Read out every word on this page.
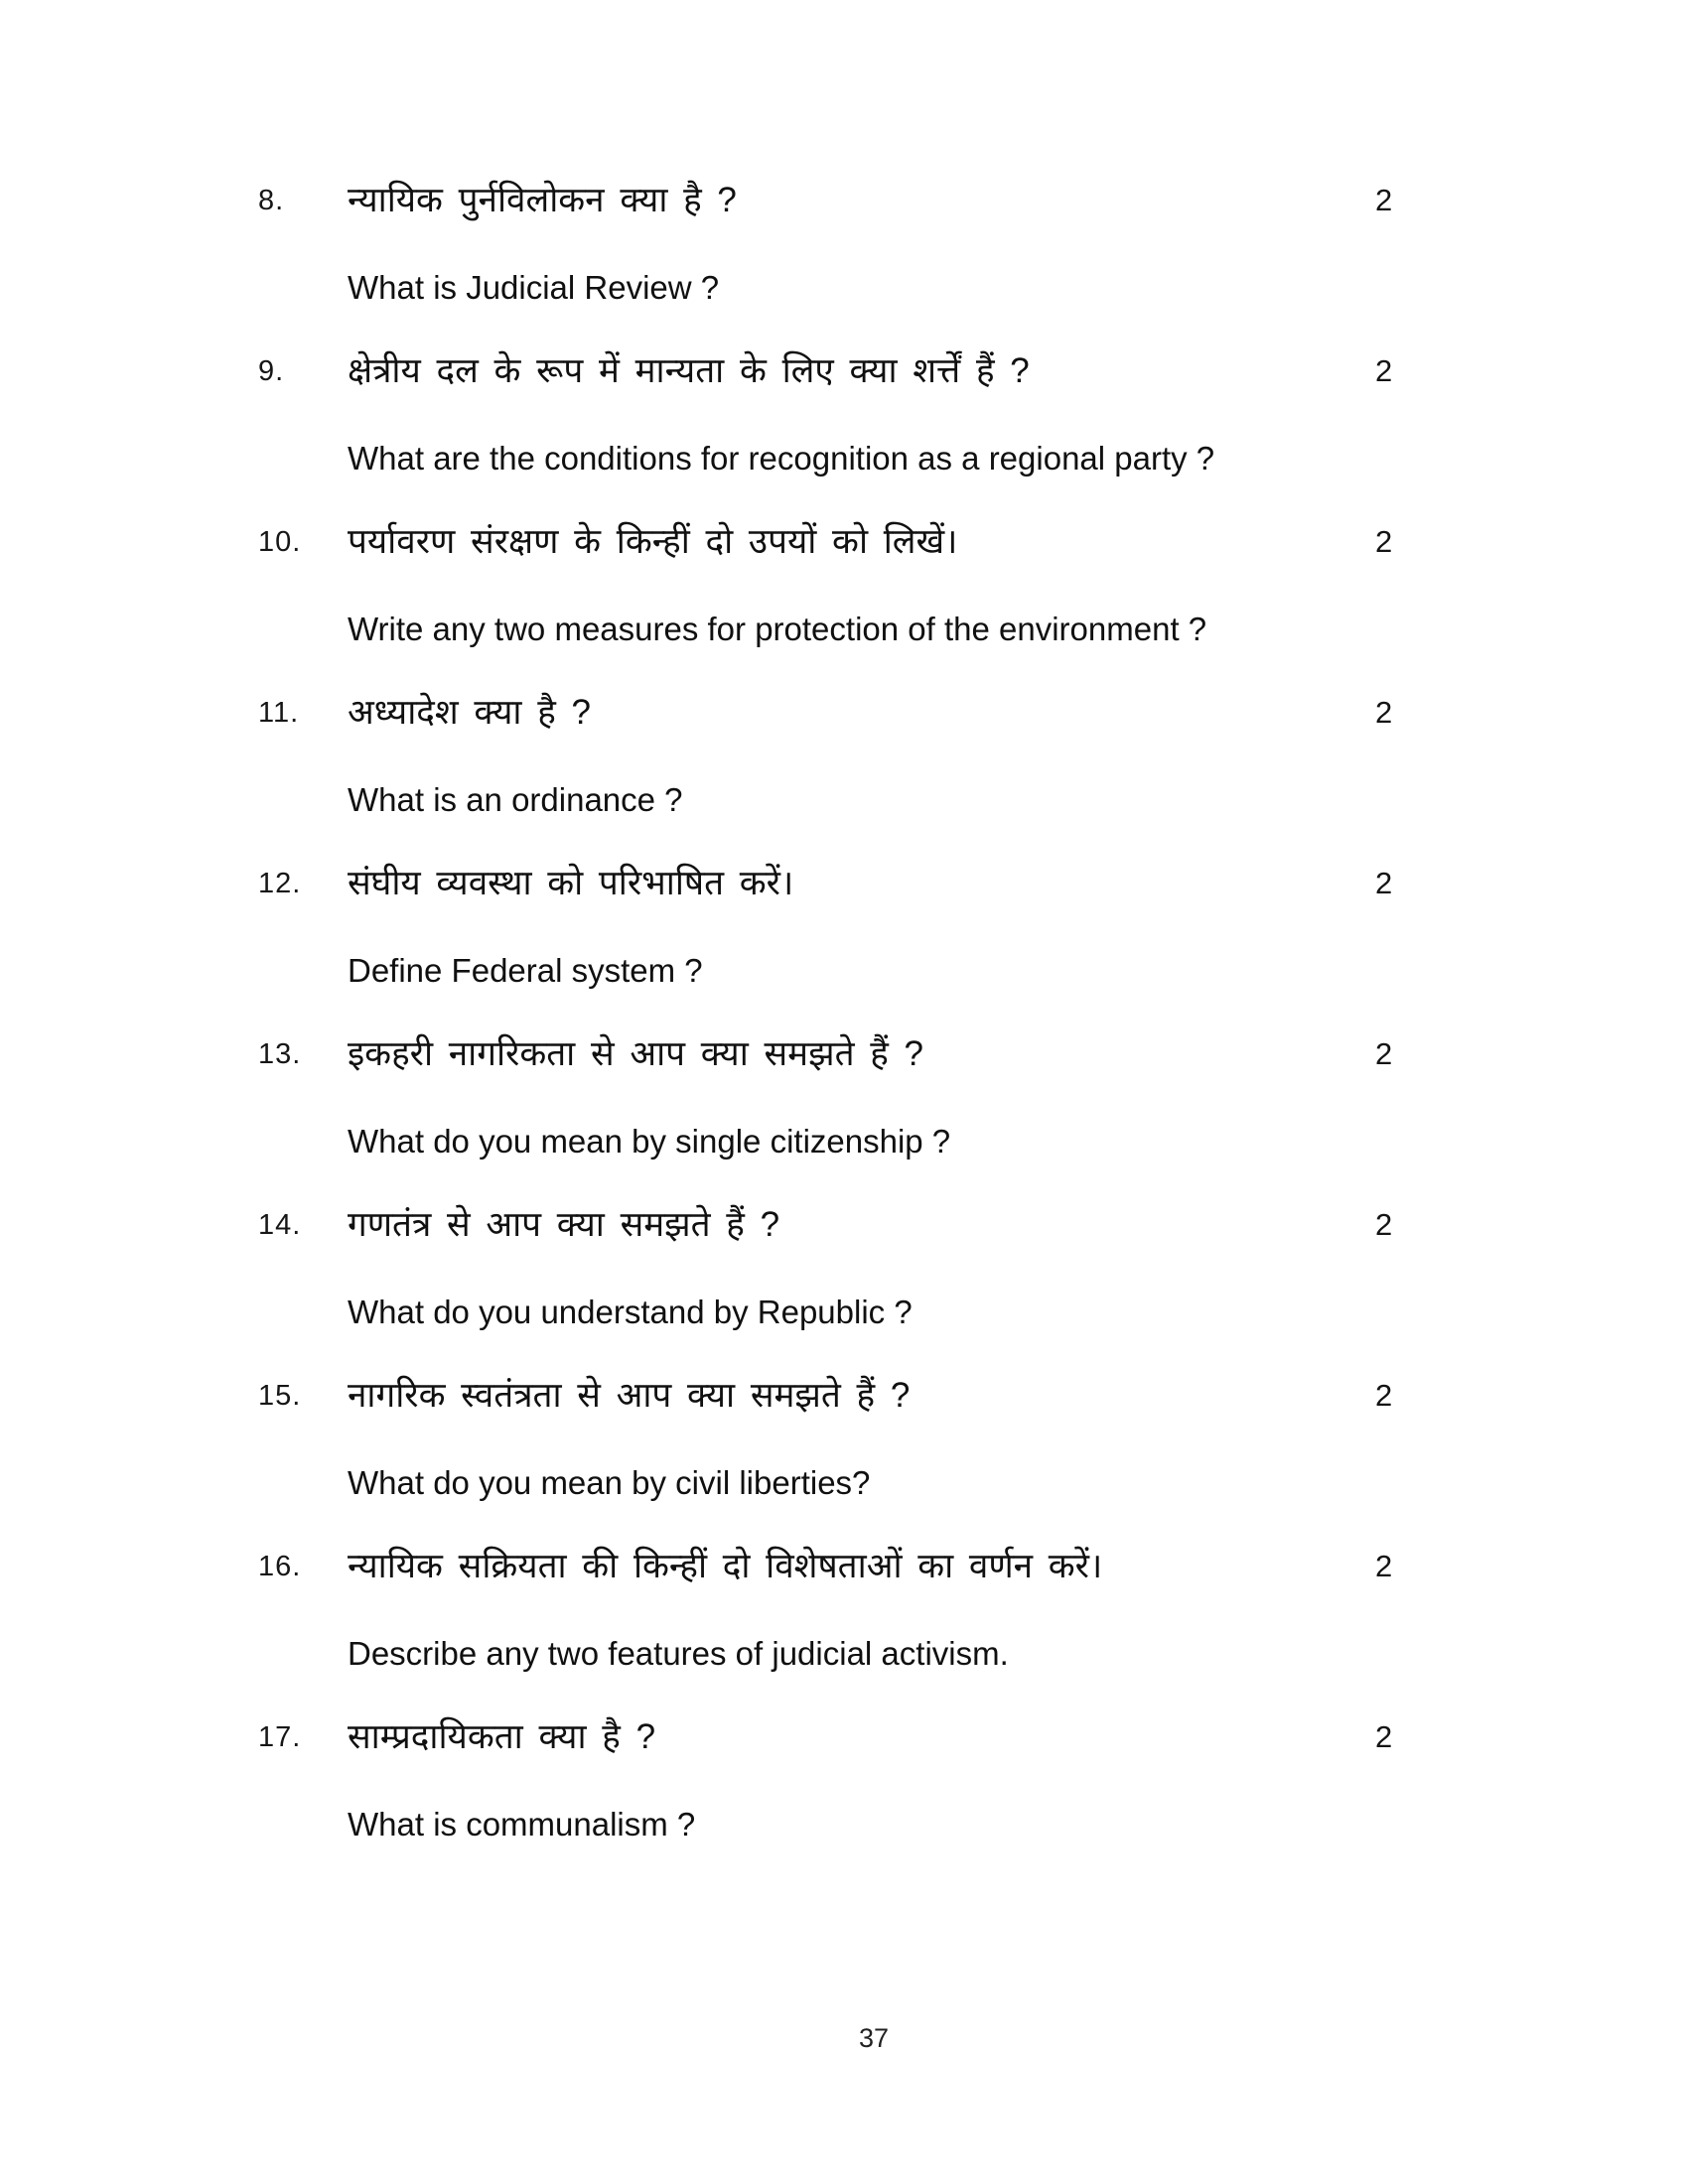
8.	न्यायिक पुर्नविलोकन क्या है ?	2
What is Judicial Review ?
9.	क्षेत्रीय दल के रूप में मान्यता के लिए क्या शर्त्तें हैं ?	2
What are the conditions for recognition as a regional party ?
10.	पर्यावरण संरक्षण के किन्हीं दो उपयों को लिखें।	2
Write any two measures for protection of the environment ?
11.	अध्यादेश क्या है ?	2
What is an ordinance ?
12.	संघीय व्यवस्था को परिभाषित करें।	2
Define Federal system ?
13.	इकहरी नागरिकता से आप क्या समझते हैं ?	2
What do you mean by single citizenship ?
14.	गणतंत्र से आप क्या समझते हैं ?	2
What do you understand by Republic ?
15.	नागरिक स्वतंत्रता से आप क्या समझते हैं ?	2
What do you mean by civil liberties?
16.	न्यायिक सक्रियता की किन्हीं दो विशेषताओं का वर्णन करें।	2
Describe any two features of judicial activism.
17.	साम्प्रदायिकता क्या है ?	2
What is communalism ?
37
